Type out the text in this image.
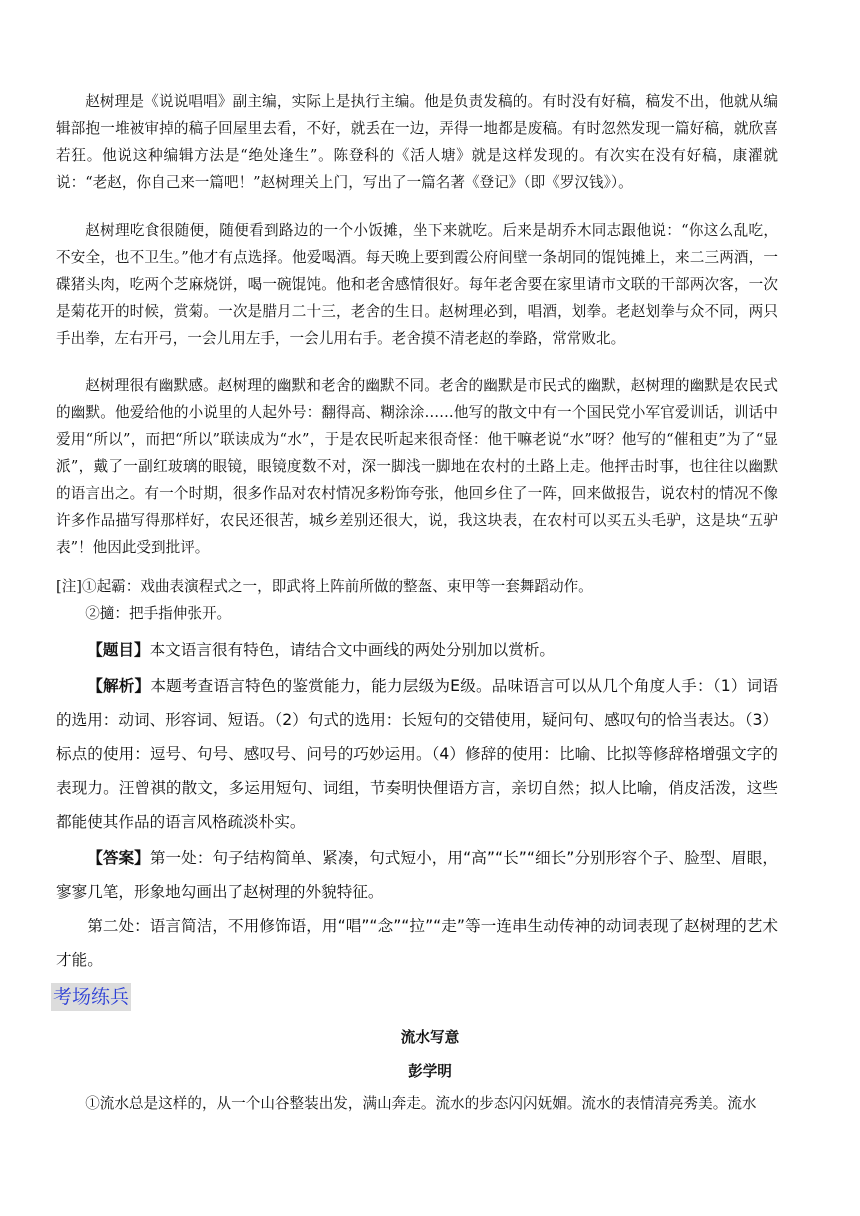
赵树理是《说说唱唱》副主编，实际上是执行主编。他是负责发稿的。有时没有好稿，稿发不出，他就从编辑部抱一堆被审掉的稿子回屋里去看，不好，就丢在一边，弄得一地都是废稿。有时忽然发现一篇好稿，就欣喜若狂。他说这种编辑方法是“绝处逢生”。陈登科的《活人塘》就是这样发现的。有次实在没有好稿，康濯就说：“老赵，你自己来一篇吧！”赵树理关上门，写出了一篇名著《登记》（即《罗汉钱》）。

赵树理吃食很随便，随便看到路边的一个小饭摊，坐下来就吃。后来是胡乔木同志跟他说：“你这么乱吃，不安全，也不卫生。”他才有点选择。他爱喝酒。每天晚上要到霞公府间壁一条胡同的馄饨摊上，来二三两酒，一碟猪头肉，吃两个芝麻烧饼，喝一碗馄饨。他和老舍感情很好。每年老舍要在家里请市文联的干部两次客，一次是菊花开的时候，赏菊。一次是腊月二十三，老舍的生日。赵树理必到，唱酒，划拳。老赵划拳与众不同，两只手出拳，左右开弓，一会儿用左手，一会儿用右手。老舍摸不清老赵的拳路，常常败北。

赵树理很有幽默感。赵树理的幽默和老舍的幽默不同。老舍的幽默是市民式的幽默，赵树理的幽默是农民式的幽默。他爱给他的小说里的人起外号：翻得高、糊涂涂……他写的散文中有一个国民党小军官爱训话，训话中爱用“所以”，而把“所以”联读成为“水”，于是农民听起来很奇怪：他干嘛老说“水”呀？他写的“催租吏”为了“显派”，戴了一副红玻璃的眼镜，眼镜度数不对，深一脚浅一脚地在农村的土路上走。他抨击时事，也往往以幽默的语言出之。有一个时期，很多作品对农村情况多粉饰夸张，他回乡住了一阵，回来做报告，说农村的情况不像许多作品描写得那样好，农民还很苦，城乡差别还很大，说，我这块表，在农村可以买五头毛驴，这是块“五驴表”！他因此受到批评。

[注]①起霸：戏曲表演程式之一，即武将上阵前所做的整盔、束甲等一套舞蹈动作。
②擿：把手指伸张开。

【题目】本文语言很有特色，请结合文中画线的两处分别加以赏析。

【解析】本题考查语言特色的鉴赏能力，能力层级为E级。品味语言可以从几个角度人手：（1）词语的选用：动词、形容词、短语。（2）句式的选用：长短句的交错使用，疑问句、感叹句的恰当表达。（3）标点的使用：逗号、句号、感叹号、问号的巧妙运用。（4）修辞的使用：比喻、比拟等修辞格增强文字的表现力。汪曾祺的散文，多运用短句、词组，节奏明快俚语方言，亲切自然；拟人比喻，俏皮活泼，这些都能使其作品的语言风格疏淡朴实。

【答案】第一处：句子结构简单、紧凑，句式短小，用“高”“长”“细长”分别形容个子、脸型、眉眼，寥寥几笔，形象地勾画出了赵树理的外貌特征。

第二处：语言简洁，不用修饰语，用“唱”“念”“拉”“走”等一连串生动传神的动词表现了赵树理的艺术才能。

考场练兵
流水写意
彭学明

①流水总是这样的，从一个山谷整装出发，满山奔走。流水的步态闪闪妩媚。流水的表情清亮秀美。流水
